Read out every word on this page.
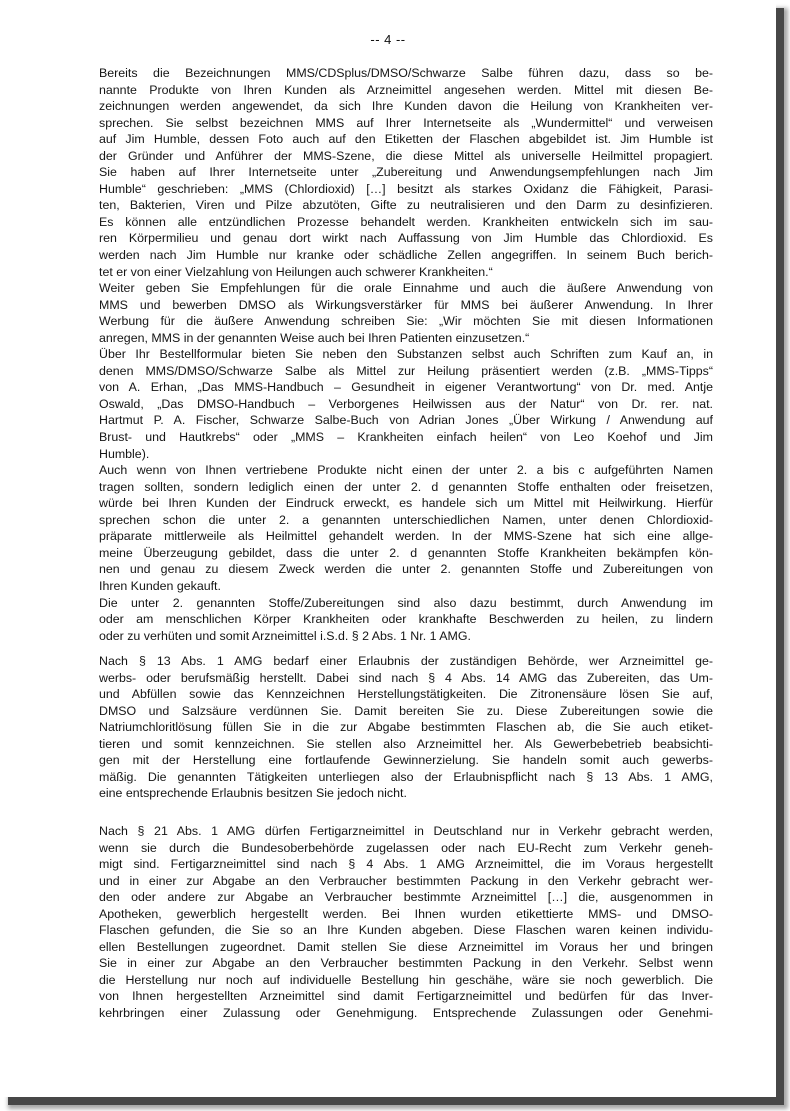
-- 4 --
Bereits die Bezeichnungen MMS/CDSplus/DMSO/Schwarze Salbe führen dazu, dass so be-
nannte Produkte von Ihren Kunden als Arzneimittel angesehen werden. Mittel mit diesen Be-
zeichnungen werden angewendet, da sich Ihre Kunden davon die Heilung von Krankheiten ver-
sprechen. Sie selbst bezeichnen MMS auf Ihrer Internetseite als „Wundermittel“ und verweisen
auf Jim Humble, dessen Foto auch auf den Etiketten der Flaschen abgebildet ist. Jim Humble ist
der Gründer und Anführer der MMS-Szene, die diese Mittel als universelle Heilmittel propagiert.
Sie haben auf Ihrer Internetseite unter „Zubereitung und Anwendungsempfehlungen nach Jim
Humble“ geschrieben: „MMS (Chlordioxid) […] besitzt als starkes Oxidanz die Fähigkeit, Parasi-
ten, Bakterien, Viren und Pilze abzutöten, Gifte zu neutralisieren und den Darm zu desinfizieren.
Es können alle entzündlichen Prozesse behandelt werden. Krankheiten entwickeln sich im sau-
ren Körpermilieu und genau dort wirkt nach Auffassung von Jim Humble das Chlordioxid. Es
werden nach Jim Humble nur kranke oder schädliche Zellen angegriffen. In seinem Buch berich-
tet er von einer Vielzahlung von Heilungen auch schwerer Krankheiten.“
Weiter geben Sie Empfehlungen für die orale Einnahme und auch die äußere Anwendung von
MMS und bewerben DMSO als Wirkungsverstärker für MMS bei äußerer Anwendung. In Ihrer
Werbung für die äußere Anwendung schreiben Sie: „Wir möchten Sie mit diesen Informationen
anregen, MMS in der genannten Weise auch bei Ihren Patienten einzusetzen.“
Über Ihr Bestellformular bieten Sie neben den Substanzen selbst auch Schriften zum Kauf an, in
denen MMS/DMSO/Schwarze Salbe als Mittel zur Heilung präsentiert werden (z.B. „MMS-Tipps“
von A. Erhan, „Das MMS-Handbuch – Gesundheit in eigener Verantwortung“ von Dr. med. Antje
Oswald, „Das DMSO-Handbuch – Verborgenes Heilwissen aus der Natur“ von Dr. rer. nat.
Hartmut P. A. Fischer, Schwarze Salbe-Buch von Adrian Jones „Über Wirkung / Anwendung auf
Brust- und Hautkrebs“ oder „MMS – Krankheiten einfach heilen“ von Leo Koehof und Jim
Humble).
Auch wenn von Ihnen vertriebene Produkte nicht einen der unter 2. a bis c aufgeführten Namen
tragen sollten, sondern lediglich einen der unter 2. d genannten Stoffe enthalten oder freisetzen,
würde bei Ihren Kunden der Eindruck erweckt, es handele sich um Mittel mit Heilwirkung. Hierfür
sprechen schon die unter 2. a genannten unterschiedlichen Namen, unter denen Chlordioxid-
präparate mittlerweile als Heilmittel gehandelt werden. In der MMS-Szene hat sich eine allge-
meine Überzeugung gebildet, dass die unter 2. d genannten Stoffe Krankheiten bekämpfen kön-
nen und genau zu diesem Zweck werden die unter 2. genannten Stoffe und Zubereitungen von
Ihren Kunden gekauft.
Die unter 2. genannten Stoffe/Zubereitungen sind also dazu bestimmt, durch Anwendung im
oder am menschlichen Körper Krankheiten oder krankhafte Beschwerden zu heilen, zu lindern
oder zu verhüten und somit Arzneimittel i.S.d. § 2 Abs. 1 Nr. 1 AMG.
Nach § 13 Abs. 1 AMG bedarf einer Erlaubnis der zuständigen Behörde, wer Arzneimittel ge-
werbs- oder berufsmäßig herstellt. Dabei sind nach § 4 Abs. 14 AMG das Zubereiten, das Um-
und Abfüllen sowie das Kennzeichnen Herstellungstätigkeiten. Die Zitronensäure lösen Sie auf,
DMSO und Salzsäure verdünnen Sie. Damit bereiten Sie zu. Diese Zubereitungen sowie die
Natriumchloritlösung füllen Sie in die zur Abgabe bestimmten Flaschen ab, die Sie auch etiket-
tieren und somit kennzeichnen. Sie stellen also Arzneimittel her. Als Gewerbebetrieb beabsichti-
gen mit der Herstellung eine fortlaufende Gewinnerzielung. Sie handeln somit auch gewerbs-
mäßig. Die genannten Tätigkeiten unterliegen also der Erlaubnispflicht nach § 13 Abs. 1 AMG,
eine entsprechende Erlaubnis besitzen Sie jedoch nicht.
Nach § 21 Abs. 1 AMG dürfen Fertigarzneimittel in Deutschland nur in Verkehr gebracht werden,
wenn sie durch die Bundesoberbehörde zugelassen oder nach EU-Recht zum Verkehr geneh-
migt sind. Fertigarzneimittel sind nach § 4 Abs. 1 AMG Arzneimittel, die im Voraus hergestellt
und in einer zur Abgabe an den Verbraucher bestimmten Packung in den Verkehr gebracht wer-
den oder andere zur Abgabe an Verbraucher bestimmte Arzneimittel […] die, ausgenommen in
Apotheken, gewerblich hergestellt werden. Bei Ihnen wurden etikettierte MMS- und DMSO-
Flaschen gefunden, die Sie so an Ihre Kunden abgeben. Diese Flaschen waren keinen individu-
ellen Bestellungen zugeordnet. Damit stellen Sie diese Arzneimittel im Voraus her und bringen
Sie in einer zur Abgabe an den Verbraucher bestimmten Packung in den Verkehr. Selbst wenn
die Herstellung nur noch auf individuelle Bestellung hin geschähe, wäre sie noch gewerblich. Die
von Ihnen hergestellten Arzneimittel sind damit Fertigarzneimittel und bedürfen für das Inver-
kehrbringen einer Zulassung oder Genehmigung. Entsprechende Zulassungen oder Genehmi-
